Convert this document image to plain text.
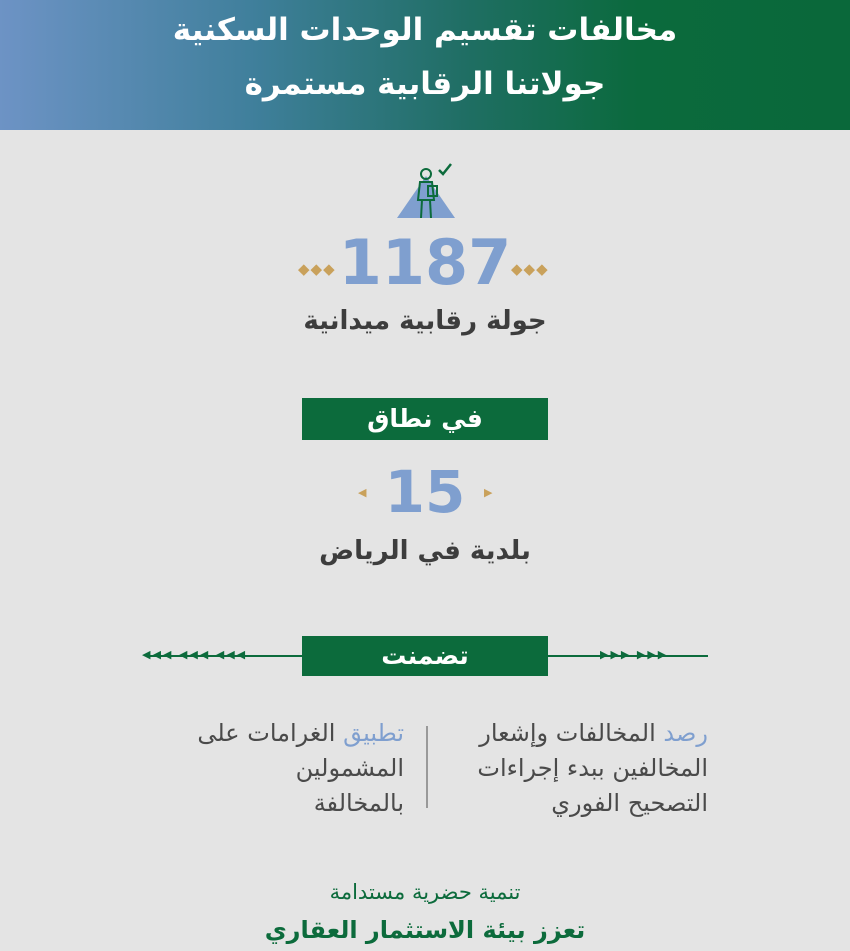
مخالفات تقسيم الوحدات السكنية
جولاتنا الرقابية مستمرة
◆◆◆	◆◆◆
1187
جولة رقابية ميدانية
في نطاق
◀	▶
15
بلدية في الرياض
◀◀◀ ◀◀◀ ◀◀◀	▶▶▶ ▶▶▶
تضمنت
رصد المخالفات وإشعار
المخالفين ببدء إجراءات
التصحيح الفوري
تطبيق الغرامات على
المشمولين
بالمخالفة
تنمية حضرية مستدامة
تعزز بيئة الاستثمار العقاري
